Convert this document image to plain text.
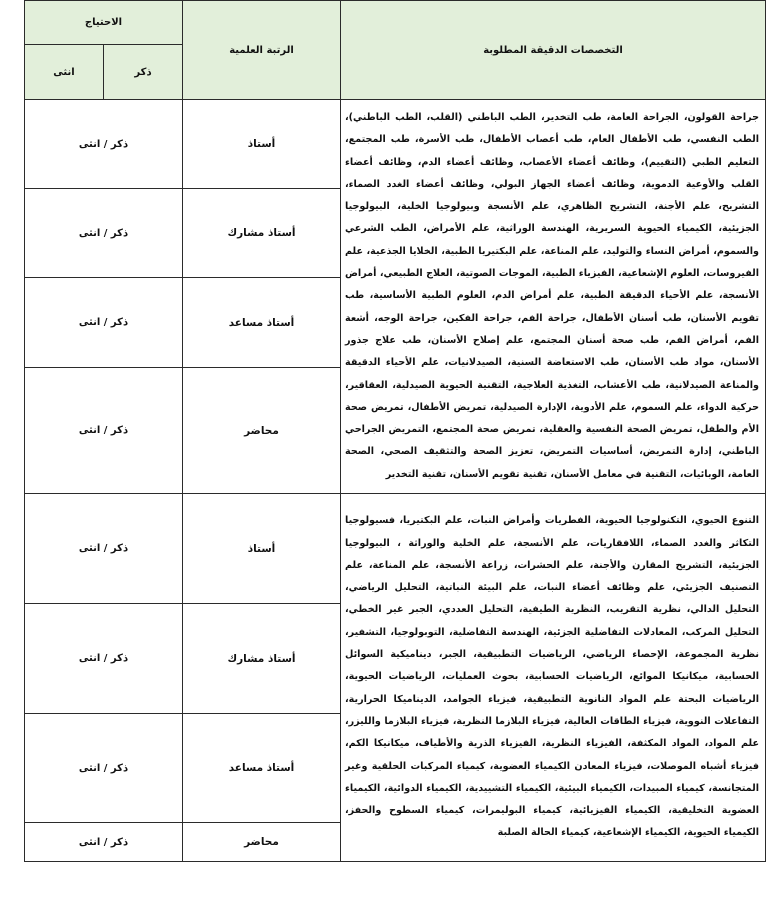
التخصصات الدقيقة المطلوبة	الرتبة العلمية	الاحتياج	
		ذكر	انثى
جراحة القولون، الجراحة العامة، طب التخدير، الطب الباطني (القلب، الطب الباطني)، الطب النفسي، طب الأطفال العام، طب أعصاب الأطفال، طب الأسرة، طب المجتمع، التعليم الطبي (التقييم)، وظائف أعضاء الأعصاب، وظائف أعضاء الدم، وظائف أعضاء القلب والأوعية الدموية، وظائف أعضاء الجهاز البولي، وظائف أعضاء الغدد الصماء، التشريح، علم الأجنة، التشريح الظاهري، علم الأنسجة وبيولوجيا الخلية، البيولوجيا الجزيئية، الكيمياء الحيوية السريرية، الهندسة الوراثية، علم الأمراض، الطب الشرعي والسموم، أمراض النساء والتوليد، علم المناعة، علم البكتيريا الطبية، الخلايا الجذعية، علم الفيروسات، العلوم الإشعاعية، الفيزياء الطبية، الموجات الصوتية، العلاج الطبيعي، أمراض الأنسجة، علم الأحياء الدقيقة الطبية، علم أمراض الدم، العلوم الطبية الأساسية، طب تقويم الأسنان، طب أسنان الأطفال، جراحة الفم، جراحة الفكين، جراحة الوجه، أشعة الفم، أمراض الفم، طب صحة أسنان المجتمع، علم إصلاح الأسنان، طب علاج جذور الأسنان، مواد طب الأسنان، طب الاستعاضة السنية، الصيدلانيات، علم الأحياء الدقيقة والمناعة الصيدلانية، طب الأعشاب، التغذية العلاجية، التقنية الحيوية الصيدلية، العقاقير، حركية الدواء، علم السموم، علم الأدوية، الإدارة الصيدلية، تمريض الأطفال، تمريض صحة الأم والطفل، تمريض الصحة النفسية والعقلية، تمريض صحة المجتمع، التمريض الجراحي الباطني، إدارة التمريض، أساسيات التمريض، تعزيز الصحة والتثقيف الصحي، الصحة العامة، الوبائيات، التقنية في معامل الأسنان، تقنية تقويم الأسنان، تقنية التخدير	أستاذ	ذكر / انثى	
	أستاذ مشارك	ذكر / انثى	
	أستاذ مساعد	ذكر / انثى	
	محاضر	ذكر / انثى	
التنوع الحيوي، التكنولوجيا الحيوية، الفطريات وأمراض النبات، علم البكتيريا، فسيولوجيا التكاثر والغدد الصماء، اللافقاريات، علم الأنسجة، علم الخلية والوراثة ، البيولوجيا الجزيئية، التشريح المقارن والأجنة، علم الحشرات، زراعة الأنسجة، علم المناعة، علم التصنيف الجزيئي، علم وظائف أعضاء النبات، علم البيئة النباتية، التحليل الرياضي، التحليل الدالي، نظرية التقريب، النظرية الطيفية، التحليل العددي، الجبر غير الخطي، التحليل المركب، المعادلات التفاضلية الجزئية، الهندسة التفاضلية، التوبولوجيا، التشفير، نظرية المجموعة، الإحصاء الرياضي، الرياضيات التطبيقية، الجبر، ديناميكية السوائل الحسابية، ميكانيكا الموائع، الرياضيات الحسابية، بحوث العمليات، الرياضيات الحيوية، الرياضيات البحتة علم المواد النانوية التطبيقية، فيزياء الجوامد، الديناميكا الحرارية، التفاعلات النووية، فيزياء الطاقات العالية، فيزياء البلازما النظرية، فيزياء البلازما والليزر، علم المواد، المواد المكثفة، الفيزياء النظرية، الفيزياء الذرية والأطياف، ميكانيكا الكم، فيزياء أشباه الموصلات، فيزياء المعادن الكيمياء العضوية، كيمياء المركبات الحلقية وغير المتجانسة، كيمياء المبيدات، الكيمياء البيئية، الكيمياء التشييدية، الكيمياء الدوائية، الكيمياء العضوية التخليقية، الكيمياء الفيزيائية، كيمياء البوليمرات، كيمياء السطوح والحفز، الكيمياء الحيوية، الكيمياء الإشعاعية، كيمياء الحالة الصلبة	أستاذ	ذكر / انثى	
	أستاذ مشارك	ذكر / انثى	
	أستاذ مساعد	ذكر / انثى	
	محاضر	ذكر / انثى	
